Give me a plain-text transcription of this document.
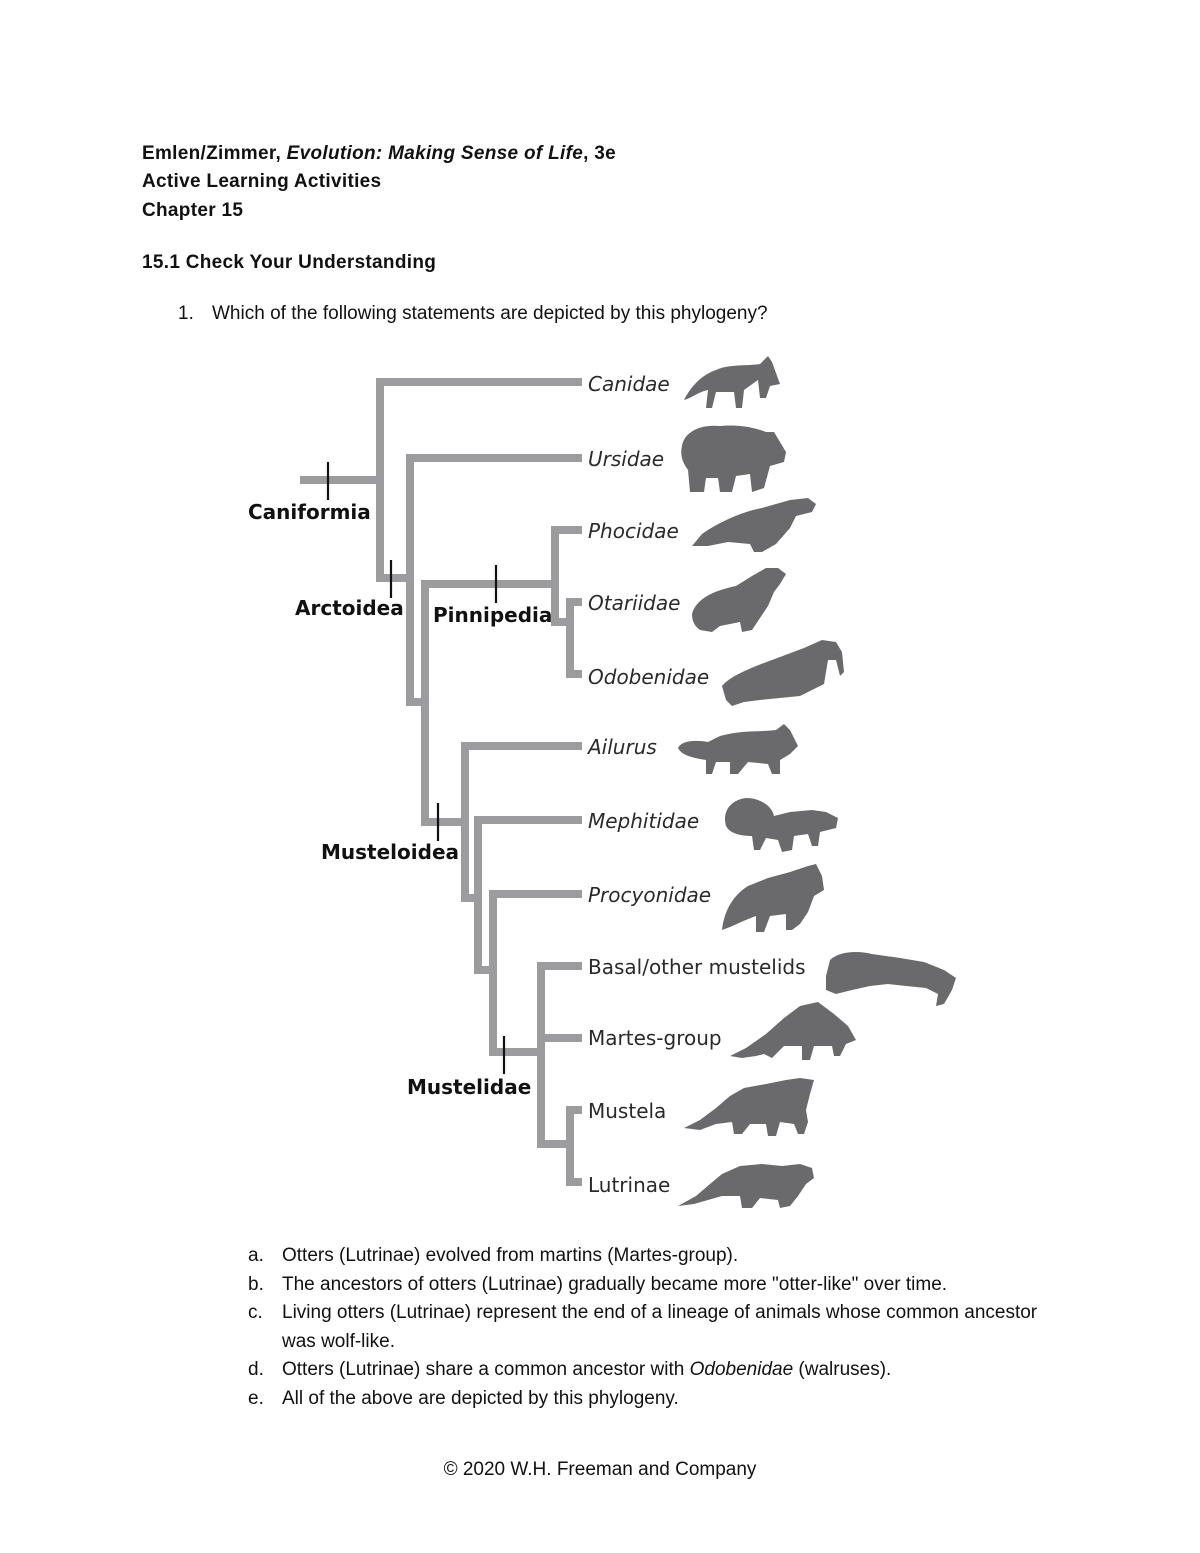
Emlen/Zimmer, Evolution: Making Sense of Life, 3e
Active Learning Activities
Chapter 15
15.1 Check Your Understanding
1. Which of the following statements are depicted by this phylogeny?
Caniformia
Arctoidea Pinnipedia
Musteloidea
Mustelidae
Canidae
Ursidae
Phocidae
Otariidae
Odobenidae
Ailurus
Mephitidae
Procyonidae
Basal/other mustelids
Martes-group
Mustela
Lutrinae
a. Otters (Lutrinae) evolved from martins (Martes-group).
b. The ancestors of otters (Lutrinae) gradually became more "otter-like" over time.
c.	Living otters (Lutrinae) represent the end of a lineage of animals whose common ancestor was wolf-like.
d. Otters (Lutrinae) share a common ancestor with Odobenidae (walruses).
e. All of the above are depicted by this phylogeny.
© 2020 W.H. Freeman and Company
